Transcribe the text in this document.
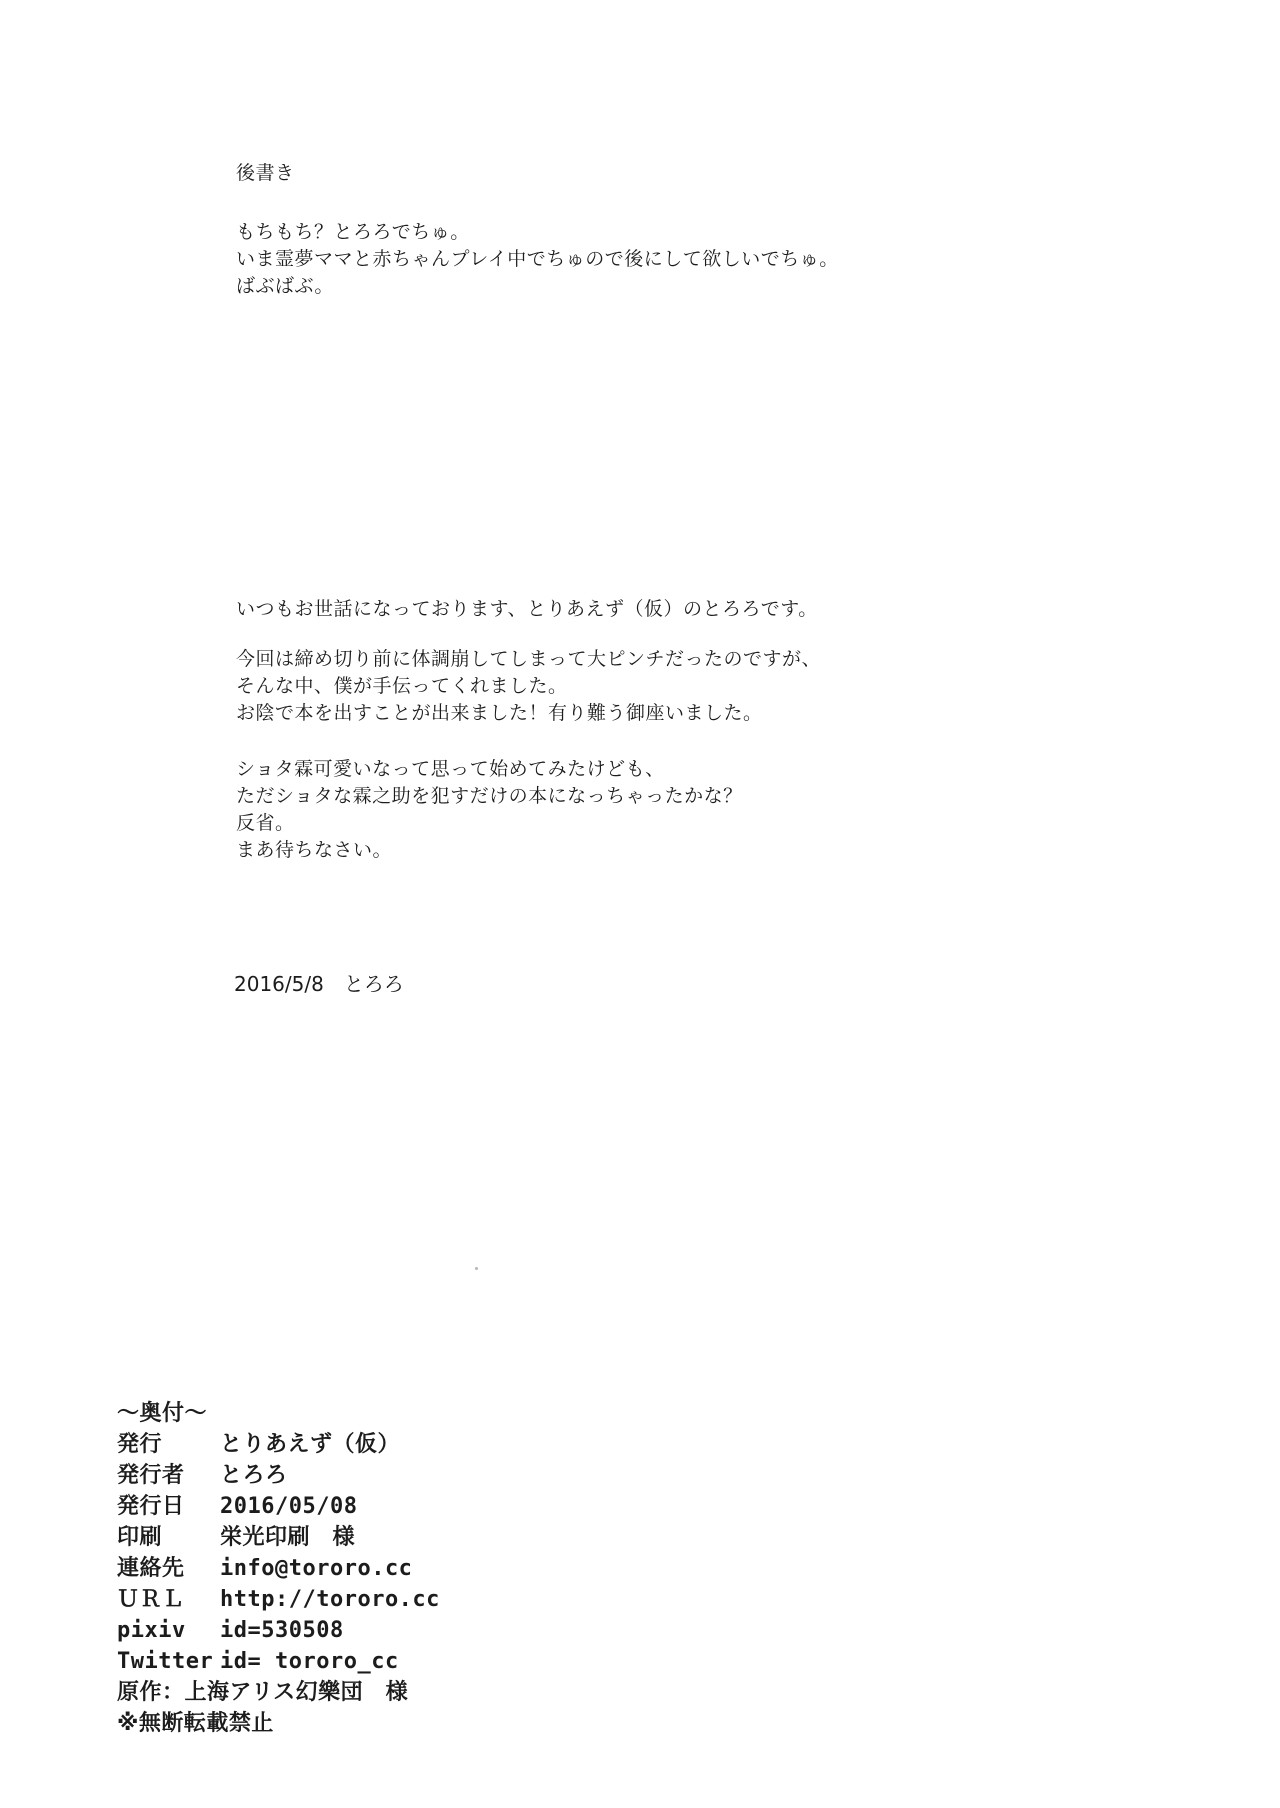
後書き
もちもち？とろろでちゅ。
いま霊夢ママと赤ちゃんプレイ中でちゅので後にして欲しいでちゅ。
ばぶばぶ。
いつもお世話になっております、とりあえず（仮）のとろろです。
今回は締め切り前に体調崩してしまって大ピンチだったのですが、
そんな中、僕が手伝ってくれました。
お陰で本を出すことが出来ました！有り難う御座いました。
ショタ霖可愛いなって思って始めてみたけども、
ただショタな霖之助を犯すだけの本になっちゃったかな？
反省。
まあ待ちなさい。
2016/5/8　とろろ
～奥付～
発行	とりあえず（仮）
発行者	とろろ
発行日	2016/05/08
印刷	栄光印刷　様
連絡先	info@tororo.cc
ＵＲＬ	http://tororo.cc
pixiv	id=530508
Twitter id= tororo_cc
原作：上海アリス幻樂団　様
※無断転載禁止
